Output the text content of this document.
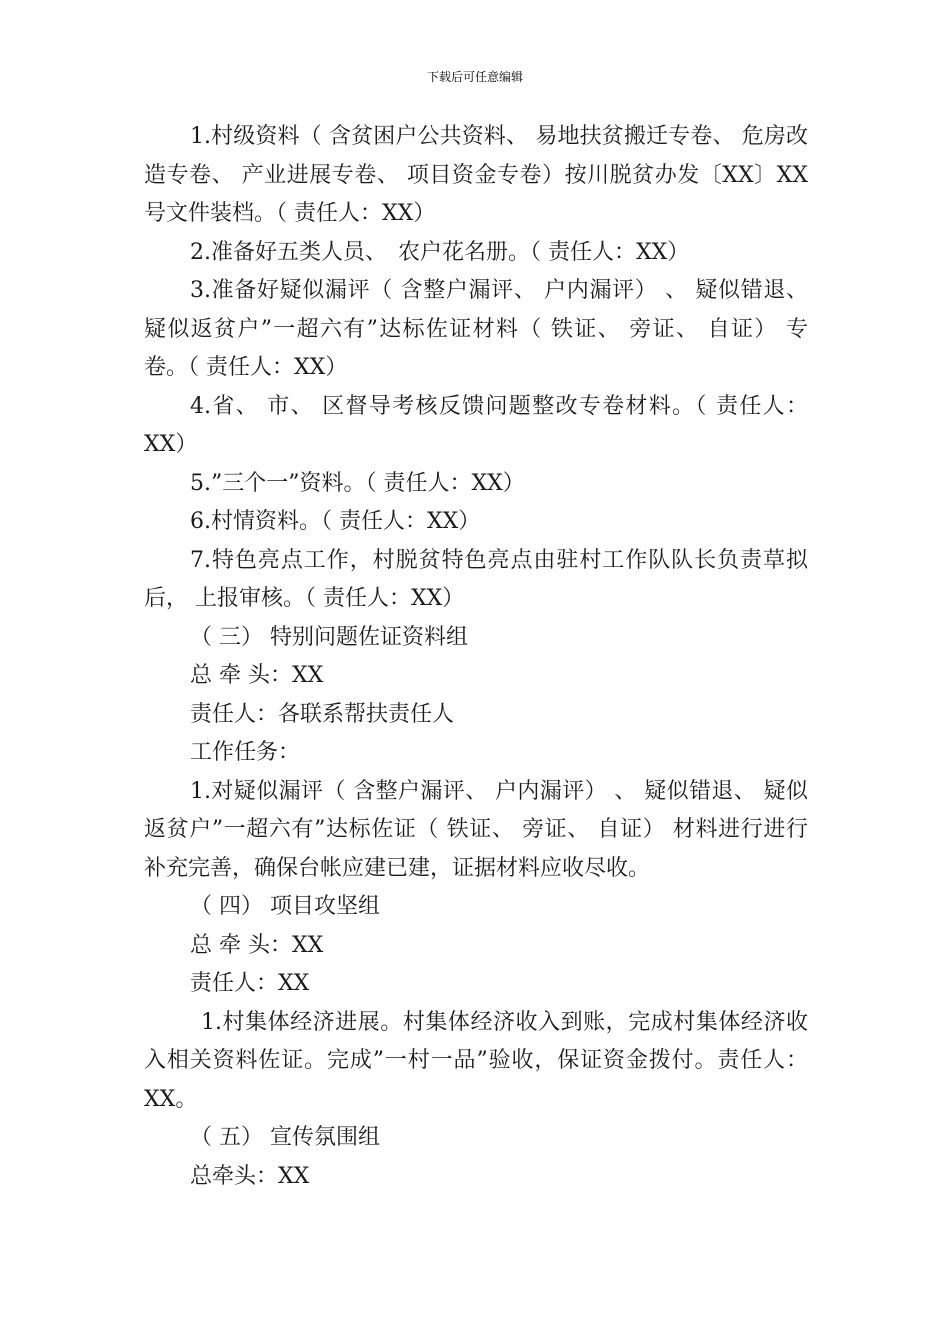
下载后可任意编辑

1.村级资料（ 含贫困户公共资料、 易地扶贫搬迁专卷、 危房改造专卷、 产业进展专卷、 项目资金专卷）按川脱贫办发〔XX〕XX号文件装档。（ 责任人：XX）

2.准备好五类人员、　农户花名册。（ 责任人：XX）

3.准备好疑似漏评（ 含整户漏评、 户内漏评） 、 疑似错退、疑似返贫户”一超六有”达标佐证材料（ 铁证、 旁证、 自证） 专卷。（ 责任人：XX）

4.省、 市、 区督导考核反馈问题整改专卷材料。（ 责任人：XX）

5.”三个一”资料。（ 责任人：XX）

6.村情资料。（ 责任人：XX）

7.特色亮点工作，村脱贫特色亮点由驻村工作队队长负责草拟后， 上报审核。（ 责任人：XX）

（ 三） 特别问题佐证资料组

总 牵 头：XX

责任人：各联系帮扶责任人

工作任务：

1.对疑似漏评（ 含整户漏评、 户内漏评） 、 疑似错退、 疑似返贫户”一超六有”达标佐证（ 铁证、 旁证、 自证） 材料进行进行补充完善，确保台帐应建已建，证据材料应收尽收。

（ 四） 项目攻坚组

总 牵 头：XX

责任人：XX

1.村集体经济进展。村集体经济收入到账，完成村集体经济收入相关资料佐证。完成”一村一品”验收，保证资金拨付。责任人：XX。

（ 五） 宣传氛围组

总牵头：XX
